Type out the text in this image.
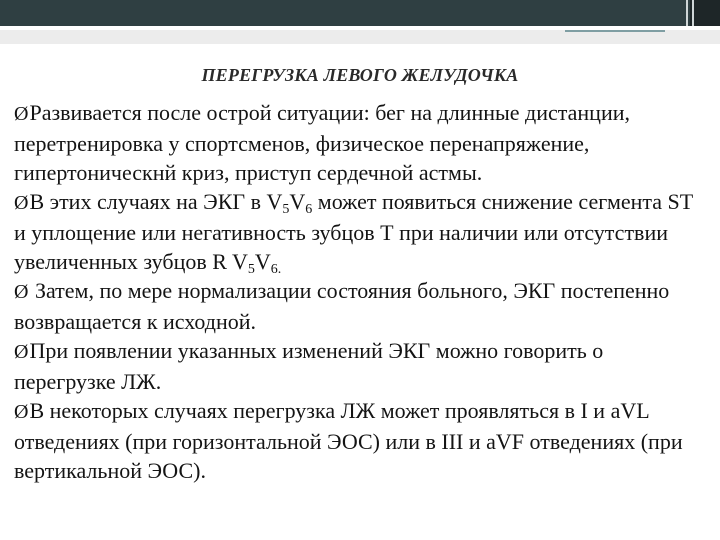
ПЕРЕГРУЗКА ЛЕВОГО ЖЕЛУДОЧКА

ØРазвивается после острой ситуации: бег на длинные дистанции, перетренировка у спортсменов, физическое перенапряжение, гипертоническнй криз, приступ сердечной астмы.

ØВ этих случаях на ЭКГ в $V_5V_6$ может появиться снижение сегмента ST и уплощение или негативность зубцов Т при наличии или отсутствии увеличенных зубцов R $V_5V_{6.}$

Ø Затем, по мере нормализации состояния больного, ЭКГ постепенно возвращается к исходной.

ØПри появлении указанных изменений ЭКГ можно говорить о перегрузке ЛЖ.

ØВ некоторых случаях перегрузка ЛЖ может проявляться в I и aVL отведениях (при горизонтальной ЭОС) или в III и aVF отведениях (при вертикальной ЭОС).
